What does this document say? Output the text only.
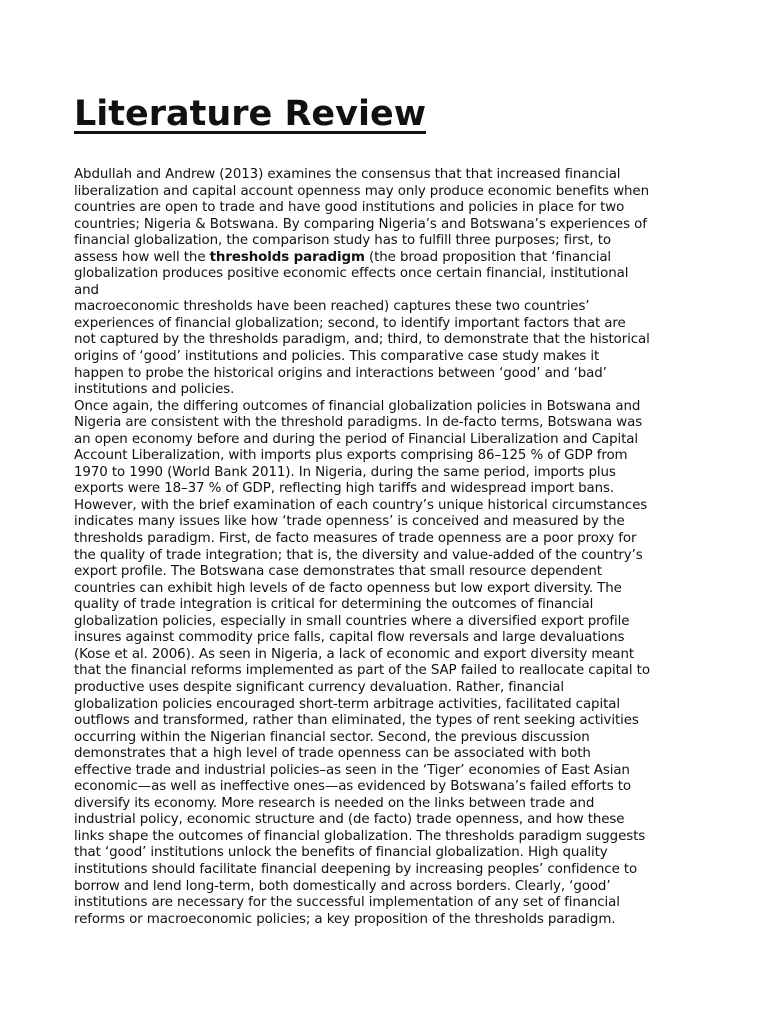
Literature Review
Abdullah and Andrew (2013) examines the consensus that that increased financial
liberalization and capital account openness may only produce economic benefits when
countries are open to trade and have good institutions and policies in place for two
countries; Nigeria & Botswana. By comparing Nigeria’s and Botswana’s experiences of
financial globalization, the comparison study has to fulfill three purposes; first, to
assess how well the thresholds paradigm (the broad proposition that ‘financial
globalization produces positive economic effects once certain financial, institutional
and
macroeconomic thresholds have been reached) captures these two countries’
experiences of financial globalization; second, to identify important factors that are
not captured by the thresholds paradigm, and; third, to demonstrate that the historical
origins of ‘good’ institutions and policies. This comparative case study makes it
happen to probe the historical origins and interactions between ‘good’ and ‘bad’
institutions and policies.
Once again, the differing outcomes of financial globalization policies in Botswana and
Nigeria are consistent with the threshold paradigms. In de-facto terms, Botswana was
an open economy before and during the period of Financial Liberalization and Capital
Account Liberalization, with imports plus exports comprising 86–125 % of GDP from
1970 to 1990 (World Bank 2011). In Nigeria, during the same period, imports plus
exports were 18–37 % of GDP, reflecting high tariffs and widespread import bans.
However, with the brief examination of each country’s unique historical circumstances
indicates many issues like how ‘trade openness’ is conceived and measured by the
thresholds paradigm. First, de facto measures of trade openness are a poor proxy for
the quality of trade integration; that is, the diversity and value-added of the country’s
export profile. The Botswana case demonstrates that small resource dependent
countries can exhibit high levels of de facto openness but low export diversity. The
quality of trade integration is critical for determining the outcomes of financial
globalization policies, especially in small countries where a diversified export profile
insures against commodity price falls, capital flow reversals and large devaluations
(Kose et al. 2006). As seen in Nigeria, a lack of economic and export diversity meant
that the financial reforms implemented as part of the SAP failed to reallocate capital to
productive uses despite significant currency devaluation. Rather, financial
globalization policies encouraged short-term arbitrage activities, facilitated capital
outflows and transformed, rather than eliminated, the types of rent seeking activities
occurring within the Nigerian financial sector. Second, the previous discussion
demonstrates that a high level of trade openness can be associated with both
effective trade and industrial policies–as seen in the ‘Tiger’ economies of East Asian
economic—as well as ineffective ones—as evidenced by Botswana’s failed efforts to
diversify its economy. More research is needed on the links between trade and
industrial policy, economic structure and (de facto) trade openness, and how these
links shape the outcomes of financial globalization. The thresholds paradigm suggests
that ‘good’ institutions unlock the benefits of financial globalization. High quality
institutions should facilitate financial deepening by increasing peoples’ confidence to
borrow and lend long-term, both domestically and across borders. Clearly, ‘good’
institutions are necessary for the successful implementation of any set of financial
reforms or macroeconomic policies; a key proposition of the thresholds paradigm.
